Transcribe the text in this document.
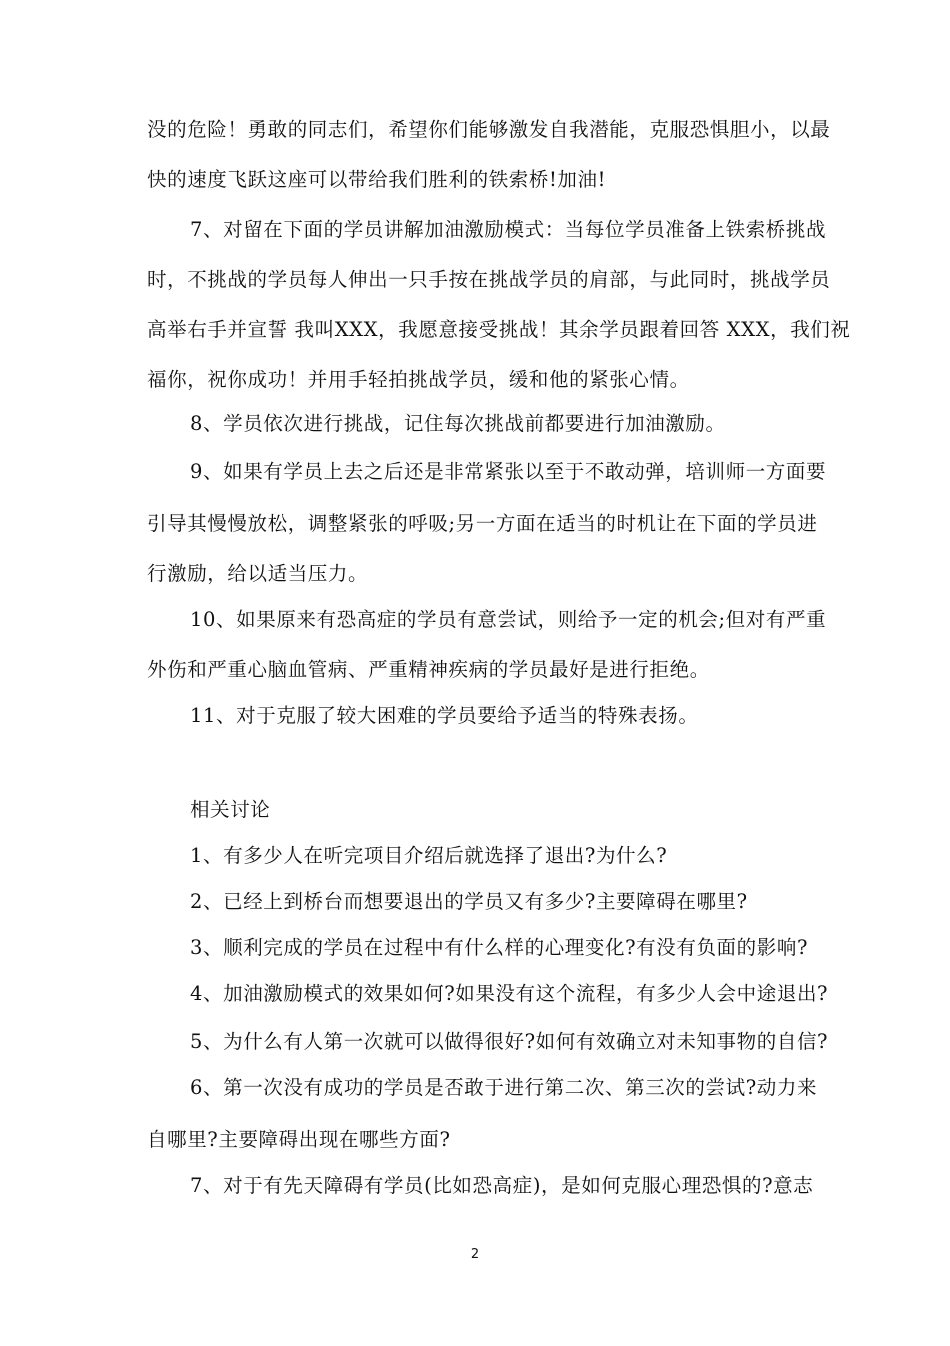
没的危险！勇敢的同志们，希望你们能够激发自我潜能，克服恐惧胆小，以最
快的速度飞跃这座可以带给我们胜利的铁索桥!加油!
7、对留在下面的学员讲解加油激励模式：当每位学员准备上铁索桥挑战
时，不挑战的学员每人伸出一只手按在挑战学员的肩部，与此同时，挑战学员
高举右手并宣誓 我叫XXX，我愿意接受挑战！其余学员跟着回答 XXX，我们祝
福你，祝你成功！并用手轻拍挑战学员，缓和他的紧张心情。
8、学员依次进行挑战，记住每次挑战前都要进行加油激励。
9、如果有学员上去之后还是非常紧张以至于不敢动弹，培训师一方面要
引导其慢慢放松，调整紧张的呼吸;另一方面在适当的时机让在下面的学员进
行激励，给以适当压力。
10、如果原来有恐高症的学员有意尝试，则给予一定的机会;但对有严重
外伤和严重心脑血管病、严重精神疾病的学员最好是进行拒绝。
11、对于克服了较大困难的学员要给予适当的特殊表扬。
相关讨论
1、有多少人在听完项目介绍后就选择了退出?为什么?
2、已经上到桥台而想要退出的学员又有多少?主要障碍在哪里?
3、顺利完成的学员在过程中有什么样的心理变化?有没有负面的影响?
4、加油激励模式的效果如何?如果没有这个流程，有多少人会中途退出?
5、为什么有人第一次就可以做得很好?如何有效确立对未知事物的自信?
6、第一次没有成功的学员是否敢于进行第二次、第三次的尝试?动力来
自哪里?主要障碍出现在哪些方面?
7、对于有先天障碍有学员(比如恐高症)，是如何克服心理恐惧的?意志
2
